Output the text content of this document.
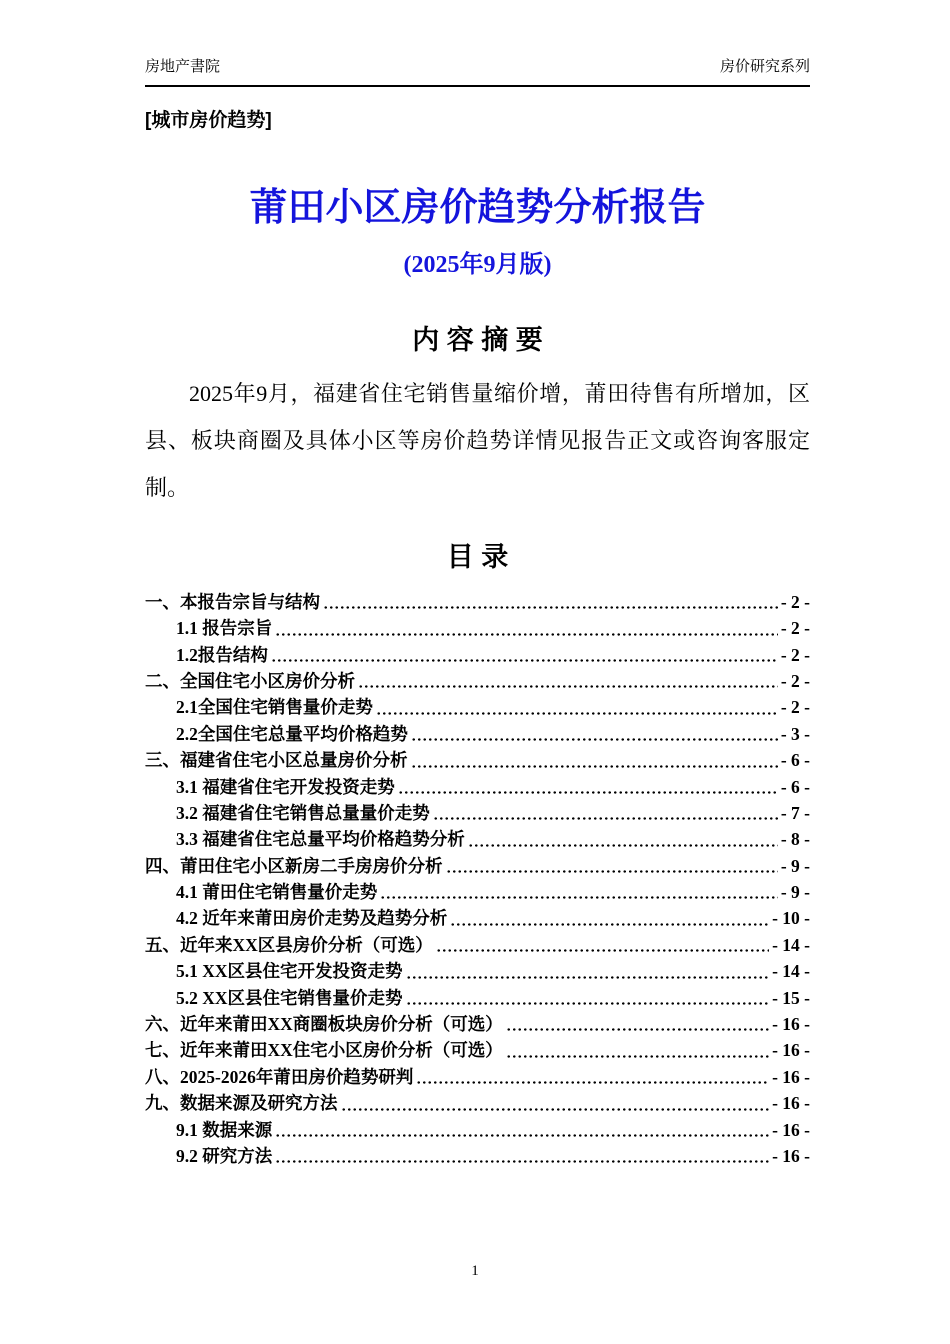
房地产書院	房价研究系列
[城市房价趋势]
莆田小区房价趋势分析报告
(2025年9月版)
内 容 摘 要

2025年9月，福建省住宅销售量缩价增，莆田待售有所增加，区县、板块商圈及具体小区等房价趋势详情见报告正文或咨询客服定制。

目 录
一、本报告宗旨与结构	- 2 -
1.1 报告宗旨	- 2 -
1.2报告结构	- 2 -
二、全国住宅小区房价分析	- 2 -
2.1全国住宅销售量价走势	- 2 -
2.2全国住宅总量平均价格趋势	- 3 -
三、福建省住宅小区总量房价分析	- 6 -
3.1 福建省住宅开发投资走势	- 6 -
3.2 福建省住宅销售总量量价走势	- 7 -
3.3 福建省住宅总量平均价格趋势分析	- 8 -
四、莆田住宅小区新房二手房房价分析	- 9 -
4.1 莆田住宅销售量价走势	- 9 -
4.2 近年来莆田房价走势及趋势分析	- 10 -
五、近年来XX区县房价分析（可选）	- 14 -
5.1 XX区县住宅开发投资走势	- 14 -
5.2 XX区县住宅销售量价走势	- 15 -
六、近年来莆田XX商圈板块房价分析（可选）	- 16 -
七、近年来莆田XX住宅小区房价分析（可选）	- 16 -
八、2025-2026年莆田房价趋势研判	- 16 -
九、数据来源及研究方法	- 16 -
9.1 数据来源	- 16 -
9.2 研究方法	- 16 -
1
